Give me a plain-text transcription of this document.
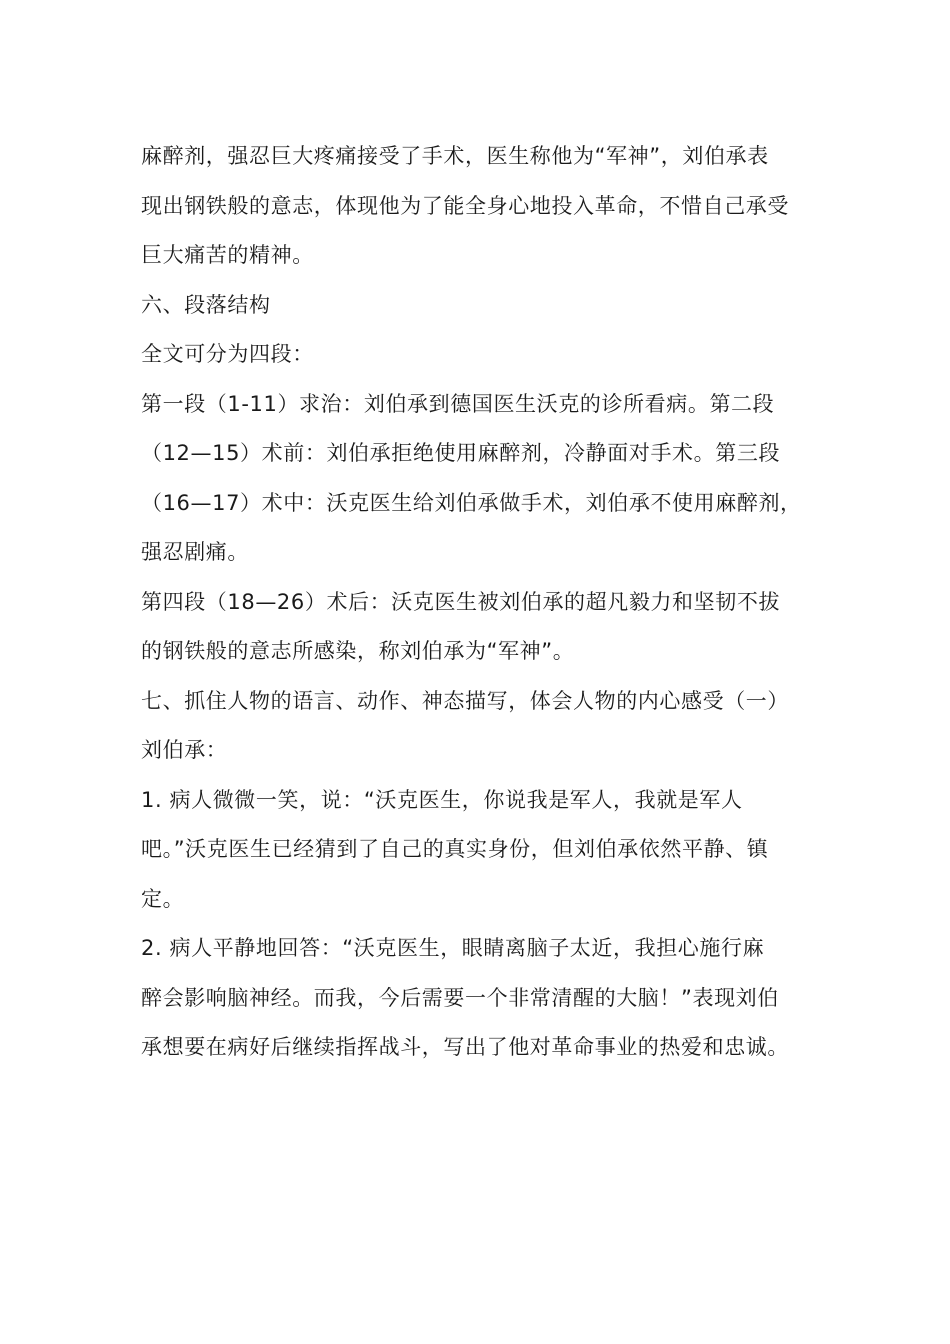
麻醉剂，强忍巨大疼痛接受了手术，医生称他为“军神”，刘伯承表

现出钢铁般的意志，体现他为了能全身心地投入革命，不惜自己承受

巨大痛苦的精神。

六、段落结构

全文可分为四段：

第一段（1-11）求治：刘伯承到德国医生沃克的诊所看病。第二段

（12—15）术前：刘伯承拒绝使用麻醉剂，冷静面对手术。第三段

（16—17）术中：沃克医生给刘伯承做手术，刘伯承不使用麻醉剂，

强忍剧痛。

第四段（18—26）术后：沃克医生被刘伯承的超凡毅力和坚韧不拔

的钢铁般的意志所感染，称刘伯承为“军神”。

七、抓住人物的语言、动作、神态描写，体会人物的内心感受（一）

刘伯承：

1. 病人微微一笑，说：“沃克医生，你说我是军人，我就是军人

吧。”沃克医生已经猜到了自己的真实身份，但刘伯承依然平静、镇

定。

2. 病人平静地回答：“沃克医生，眼睛离脑子太近，我担心施行麻

醉会影响脑神经。而我，今后需要一个非常清醒的大脑！”表现刘伯

承想要在病好后继续指挥战斗，写出了他对革命事业的热爱和忠诚。
